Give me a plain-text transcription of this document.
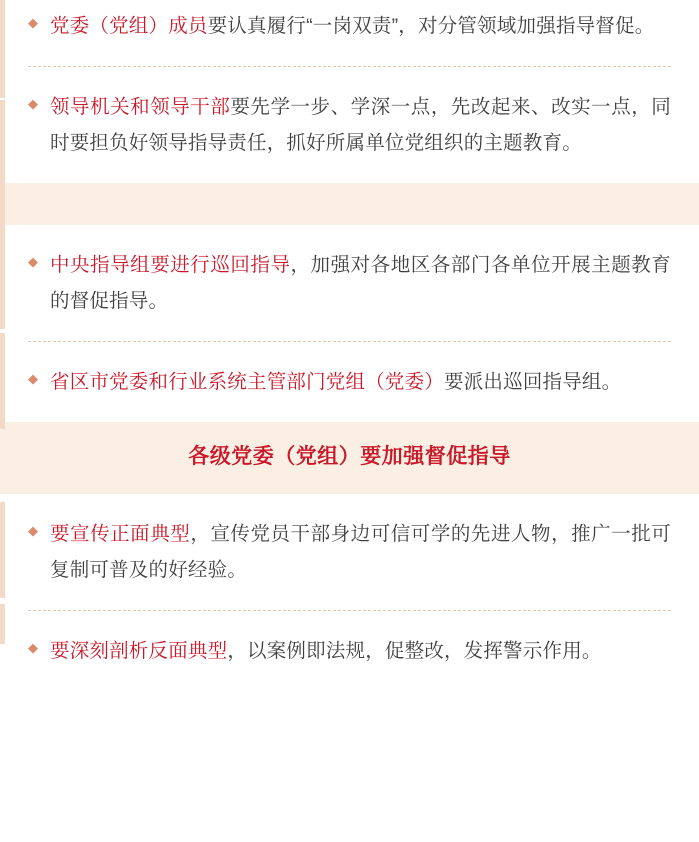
◆ 党委（党组）成员要认真履行“一岗双责”，对分管领域加强指导督促。
◆ 领导机关和领导干部要先学一步、学深一点，先改起来、改实一点，同时要担负好领导指导责任，抓好所属单位党组织的主题教育。
◆ 中央指导组要进行巡回指导，加强对各地区各部门各单位开展主题教育的督促指导。
◆ 省区市党委和行业系统主管部门党组（党委）要派出巡回指导组。
各级党委（党组）要加强督促指导
◆ 要宣传正面典型，宣传党员干部身边可信可学的先进人物，推广一批可复制可普及的好经验。
◆ 要深刻剖析反面典型，以案例即法规，促整改，发挥警示作用。
